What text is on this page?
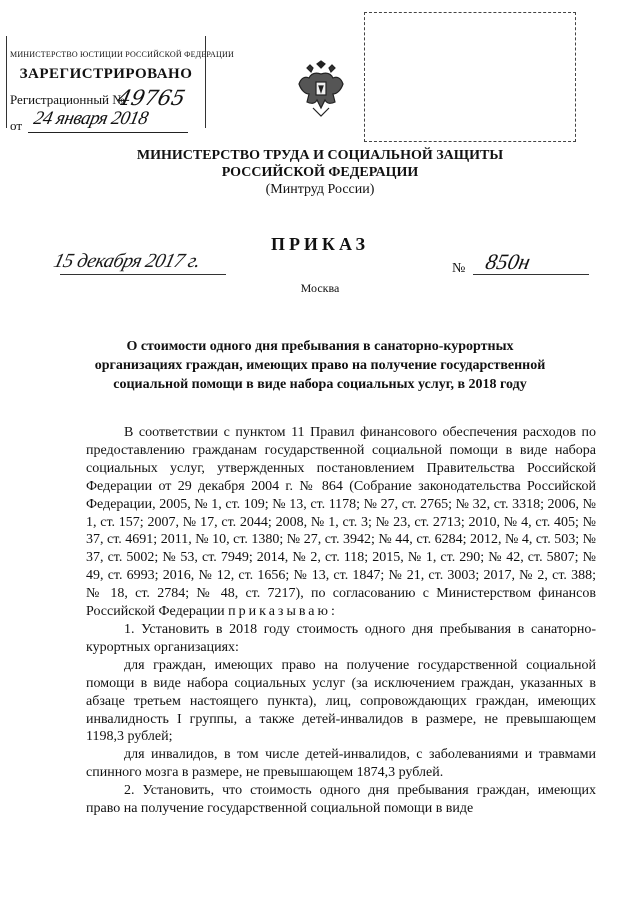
МИНИСТЕРСТВО ЮСТИЦИИ РОССИЙСКОЙ ФЕДЕРАЦИИ
ЗАРЕГИСТРИРОВАНО
Регистрационный №
49765
от 24 января 2018
МИНИСТЕРСТВО ТРУДА И СОЦИАЛЬНОЙ ЗАЩИТЫ
РОССИЙСКОЙ ФЕДЕРАЦИИ
(Минтруд России)
ПРИКАЗ
15 декабря 2017 г.	№ 850н
Москва
О стоимости одного дня пребывания в санаторно-курортных
организациях граждан, имеющих право на получение государственной
социальной помощи в виде набора социальных услуг, в 2018 году

В соответствии с пунктом 11 Правил финансового обеспечения расходов по предоставлению гражданам государственной социальной помощи в виде набора социальных услуг, утвержденных постановлением Правительства Российской Федерации от 29 декабря 2004 г. № 864 (Собрание законодательства Российской Федерации, 2005, № 1, ст. 109; № 13, ст. 1178; № 27, ст. 2765; № 32, ст. 3318; 2006, № 1, ст. 157; 2007, № 17, ст. 2044; 2008, № 1, ст. 3; № 23, ст. 2713; 2010, № 4, ст. 405; № 37, ст. 4691; 2011, № 10, ст. 1380; № 27, ст. 3942; № 44, ст. 6284; 2012, № 4, ст. 503; № 37, ст. 5002; № 53, ст. 7949; 2014, № 2, ст. 118; 2015, № 1, ст. 290; № 42, ст. 5807; № 49, ст. 6993; 2016, № 12, ст. 1656; № 13, ст. 1847; № 21, ст. 3003; 2017, № 2, ст. 388; № 18, ст. 2784; № 48, ст. 7217), по согласованию с Министерством финансов Российской Федерации приказываю:

1. Установить в 2018 году стоимость одного дня пребывания в санаторно-курортных организациях:

для граждан, имеющих право на получение государственной социальной помощи в виде набора социальных услуг (за исключением граждан, указанных в абзаце третьем настоящего пункта), лиц, сопровождающих граждан, имеющих инвалидность I группы, а также детей-инвалидов в размере, не превышающем 1198,3 рублей;

для инвалидов, в том числе детей-инвалидов, с заболеваниями и травмами спинного мозга в размере, не превышающем 1874,3 рублей.

2. Установить, что стоимость одного дня пребывания граждан, имеющих право на получение государственной социальной помощи в виде
